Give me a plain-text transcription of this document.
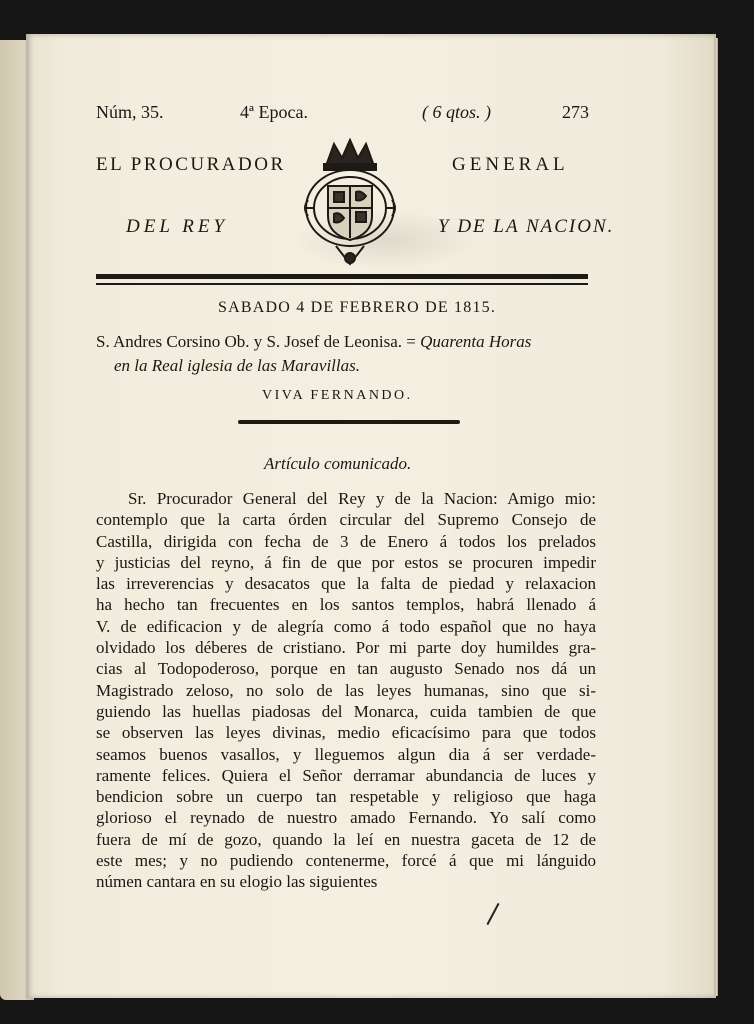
Núm, 35.	4ª Epoca.	( 6 qtos. )	273
EL PROCURADOR	GENERAL
DEL REY	Y DE LA NACION.
SABADO 4 DE FEBRERO DE 1815.
S. Andres Corsino Ob. y S. Josef de Leonisa. = Quarenta Horas
en la Real iglesia de las Maravillas.
VIVA FERNANDO.
Artículo comunicado.
Sr. Procurador General del Rey y de la Nacion: Amigo mio:
contemplo que la carta órden circular del Supremo Consejo de
Castilla, dirigida con fecha de 3 de Enero á todos los prelados
y justicias del reyno, á fin de que por estos se procuren impedir
las irreverencias y desacatos que la falta de piedad y relaxacion
ha hecho tan frecuentes en los santos templos, habrá llenado á
V. de edificacion y de alegría como á todo español que no haya
olvidado los déberes de cristiano. Por mi parte doy humildes gra-
cias al Todopoderoso, porque en tan augusto Senado nos dá un
Magistrado zeloso, no solo de las leyes humanas, sino que si-
guiendo las huellas piadosas del Monarca, cuida tambien de que
se observen las leyes divinas, medio eficacísimo para que todos
seamos buenos vasallos, y lleguemos algun dia á ser verdade-
ramente felices. Quiera el Señor derramar abundancia de luces y
bendicion sobre un cuerpo tan respetable y religioso que haga
glorioso el reynado de nuestro amado Fernando. Yo salí como
fuera de mí de gozo, quando la leí en nuestra gaceta de 12 de
este mes; y no pudiendo contenerme, forcé á que mi lánguido
númen cantara en su elogio las siguientes
